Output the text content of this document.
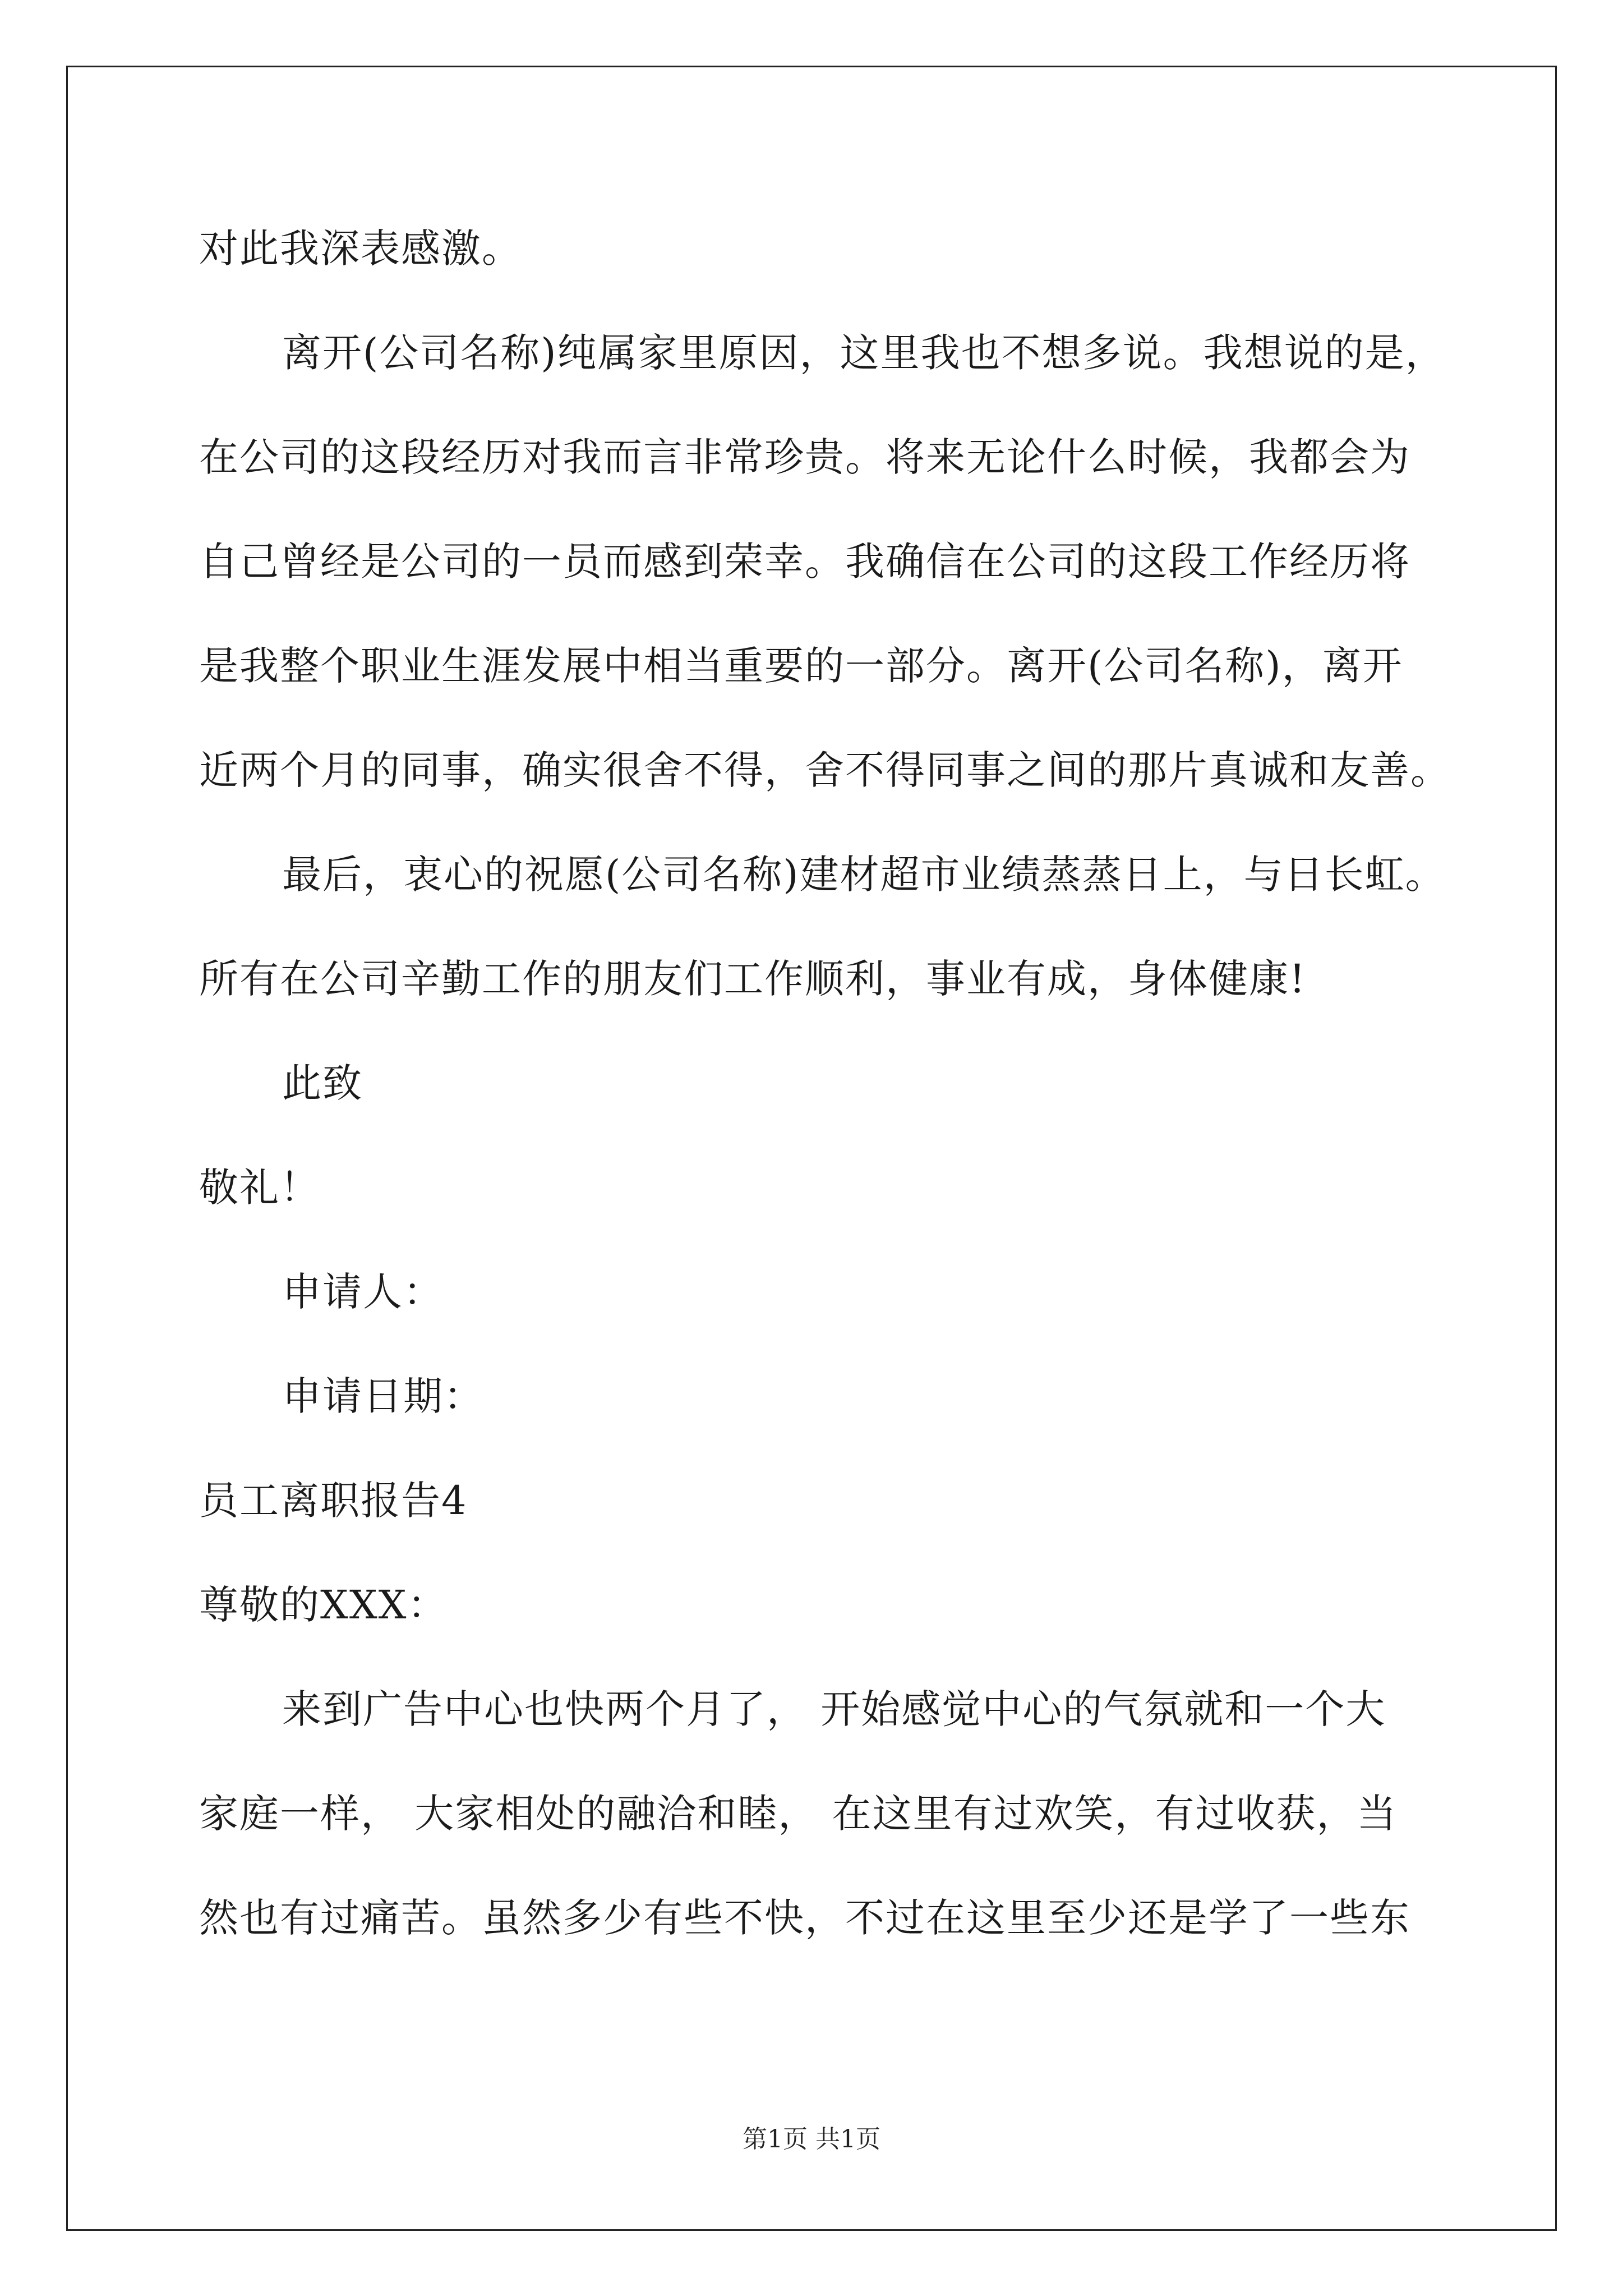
对此我深表感激。
离开(公司名称)纯属家里原因，这里我也不想多说。我想说的是，
在公司的这段经历对我而言非常珍贵。将来无论什么时候，我都会为
自己曾经是公司的一员而感到荣幸。我确信在公司的这段工作经历将
是我整个职业生涯发展中相当重要的一部分。离开(公司名称)，离开
近两个月的同事，确实很舍不得，舍不得同事之间的那片真诚和友善。
最后，衷心的祝愿(公司名称)建材超市业绩蒸蒸日上，与日长虹。
所有在公司辛勤工作的朋友们工作顺利，事业有成，身体健康!
此致
敬礼！
申请人：
申请日期：
员工离职报告4
尊敬的XXX：
来到广告中心也快两个月了， 开始感觉中心的气氛就和一个大
家庭一样， 大家相处的融洽和睦， 在这里有过欢笑，有过收获，当
然也有过痛苦。虽然多少有些不快，不过在这里至少还是学了一些东
第1页 共1页
